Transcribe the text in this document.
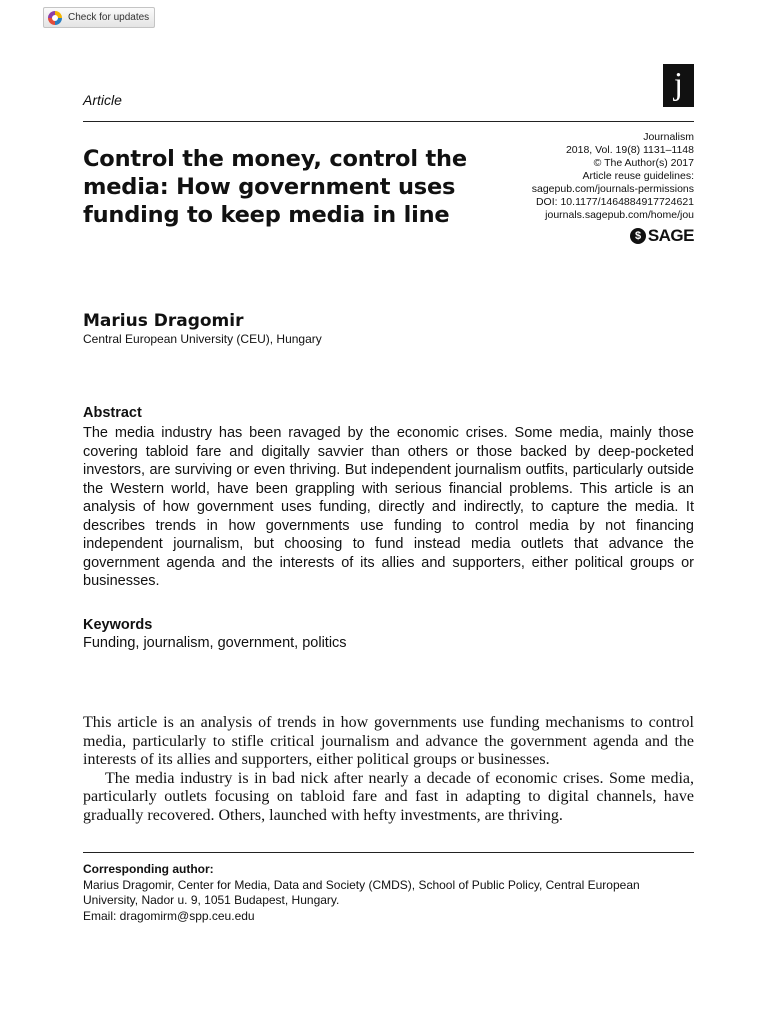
Check for updates
Article	j
Control the money, control the media: How government uses funding to keep media in line
Journalism
2018, Vol. 19(8) 1131–1148
© The Author(s) 2017
Article reuse guidelines:
sagepub.com/journals-permissions
DOI: 10.1177/1464884917724621
journals.sagepub.com/home/jou
$ SAGE
Marius Dragomir
Central European University (CEU), Hungary
Abstract

The media industry has been ravaged by the economic crises. Some media, mainly those covering tabloid fare and digitally savvier than others or those backed by deep-pocketed investors, are surviving or even thriving. But independent journalism outfits, particularly outside the Western world, have been grappling with serious financial problems. This article is an analysis of how government uses funding, directly and indirectly, to capture the media. It describes trends in how governments use funding to control media by not financing independent journalism, but choosing to fund instead media outlets that advance the government agenda and the interests of its allies and supporters, either political groups or businesses.

Keywords
Funding, journalism, government, politics

This article is an analysis of trends in how governments use funding mechanisms to control media, particularly to stifle critical journalism and advance the government agenda and the interests of its allies and supporters, either political groups or businesses.

The media industry is in bad nick after nearly a decade of economic crises. Some media, particularly outlets focusing on tabloid fare and fast in adapting to digital channels, have gradually recovered. Others, launched with hefty investments, are thriving.

Corresponding author:
Marius Dragomir, Center for Media, Data and Society (CMDS), School of Public Policy, Central European University, Nador u. 9, 1051 Budapest, Hungary.
Email: dragomirm@spp.ceu.edu
